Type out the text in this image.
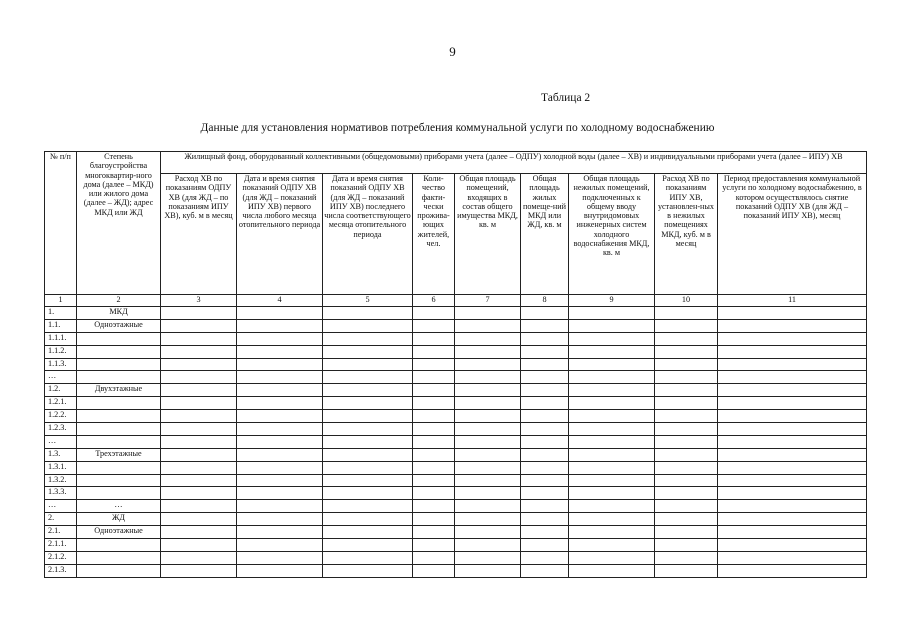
9
Таблица 2
Данные для установления нормативов потребления коммунальной услуги по холодному водоснабжению
№ п/п	Степень благоустройства многоквартир-ного дома (далее – МКД) или жилого дома (далее – ЖД); адрес МКД или ЖД	Жилищный фонд, оборудованный коллективными (общедомовыми) приборами учета (далее – ОДПУ) холодной воды (далее – ХВ) и индивидуальными приборами учета (далее – ИПУ) ХВ								
		Расход ХВ по показаниям ОДПУ ХВ (для ЖД – по показаниям ИПУ ХВ), куб. м в месяц	Дата и время снятия показаний ОДПУ ХВ (для ЖД – показаний ИПУ ХВ) первого числа любого месяца отопительного периода	Дата и время снятия показаний ОДПУ ХВ (для ЖД – показаний ИПУ ХВ) последнего числа соответствующего месяца отопительного периода	Коли-чество факти-чески прожива-ющих жителей, чел.	Общая площадь помещений, входящих в состав общего имущества МКД, кв. м	Общая площадь жилых помеще-ний МКД или ЖД, кв. м	Общая площадь нежилых помещений, подключенных к общему вводу внутридомовых инженерных систем холодного водоснабжения МКД, кв. м	Расход ХВ по показаниям ИПУ ХВ, установлен-ных в нежилых помещениях МКД, куб. м в месяц	Период предоставления коммунальной услуги по холодному водоснабжению, в котором осуществлялось снятие показаний ОДПУ ХВ (для ЖД – показаний ИПУ ХВ), месяц
1	2	3	4	5	6	7	8	9	10	11
1.	МКД									
1.1.	Одноэтажные									
1.1.1.										
1.1.2.										
1.1.3.										
…										
1.2.	Двухэтажные									
1.2.1.										
1.2.2.										
1.2.3.										
…										
1.3.	Трехэтажные									
1.3.1.										
1.3.2.										
1.3.3.										
…	…									
2.	ЖД									
2.1.	Одноэтажные									
2.1.1.										
2.1.2.										
2.1.3.										
